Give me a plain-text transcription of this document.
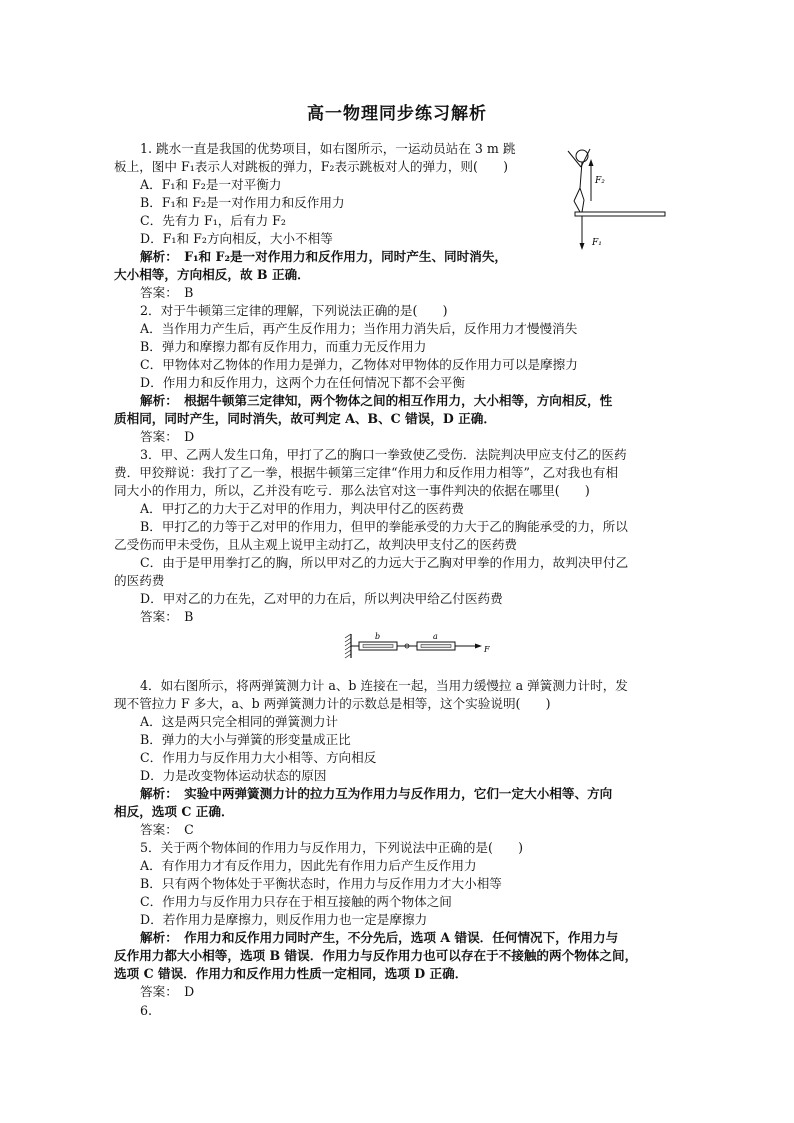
高一物理同步练习解析
1. 跳水一直是我国的优势项目，如右图所示，一运动员站在 3 m 跳
板上，图中 F₁表示人对跳板的弹力，F₂表示跳板对人的弹力，则(　　)
A．F₁和 F₂是一对平衡力
B．F₁和 F₂是一对作用力和反作用力
C．先有力 F₁，后有力 F₂
D．F₁和 F₂方向相反，大小不相等
解析：　F₁和 F₂是一对作用力和反作用力，同时产生、同时消失，
大小相等，方向相反，故 B 正确．
答案：　B
F₂
F₁
2．对于牛顿第三定律的理解，下列说法正确的是(　　)
A．当作用力产生后，再产生反作用力；当作用力消失后，反作用力才慢慢消失
B．弹力和摩擦力都有反作用力，而重力无反作用力
C．甲物体对乙物体的作用力是弹力，乙物体对甲物体的反作用力可以是摩擦力
D．作用力和反作用力，这两个力在任何情况下都不会平衡
解析：　根据牛顿第三定律知，两个物体之间的相互作用力，大小相等，方向相反，性
质相同，同时产生，同时消失，故可判定 A、B、C 错误，D 正确．
答案：　D
3．甲、乙两人发生口角，甲打了乙的胸口一拳致使乙受伤．法院判决甲应支付乙的医药
费．甲狡辩说：我打了乙一拳，根据牛顿第三定律“作用力和反作用力相等”，乙对我也有相
同大小的作用力，所以，乙并没有吃亏．那么法官对这一事件判决的依据在哪里(　　)
A．甲打乙的力大于乙对甲的作用力，判决甲付乙的医药费
B．甲打乙的力等于乙对甲的作用力，但甲的拳能承受的力大于乙的胸能承受的力，所以
乙受伤而甲未受伤，且从主观上说甲主动打乙，故判决甲支付乙的医药费
C．由于是甲用拳打乙的胸，所以甲对乙的力远大于乙胸对甲拳的作用力，故判决甲付乙
的医药费
D．甲对乙的力在先，乙对甲的力在后，所以判决甲给乙付医药费
答案：　B
b	a
F
4．如右图所示，将两弹簧测力计 a、b 连接在一起，当用力缓慢拉 a 弹簧测力计时，发
现不管拉力 F 多大，a、b 两弹簧测力计的示数总是相等，这个实验说明(　　)
A．这是两只完全相同的弹簧测力计
B．弹力的大小与弹簧的形变量成正比
C．作用力与反作用力大小相等、方向相反
D．力是改变物体运动状态的原因
解析：　实验中两弹簧测力计的拉力互为作用力与反作用力，它们一定大小相等、方向
相反，选项 C 正确．
答案：　C
5．关于两个物体间的作用力与反作用力，下列说法中正确的是(　　)
A．有作用力才有反作用力，因此先有作用力后产生反作用力
B．只有两个物体处于平衡状态时，作用力与反作用力才大小相等
C．作用力与反作用力只存在于相互接触的两个物体之间
D．若作用力是摩擦力，则反作用力也一定是摩擦力
解析：　作用力和反作用力同时产生，不分先后，选项 A 错误．任何情况下，作用力与
反作用力都大小相等，选项 B 错误．作用力与反作用力也可以存在于不接触的两个物体之间，
选项 C 错误．作用力和反作用力性质一定相同，选项 D 正确．
答案：　D
6.
